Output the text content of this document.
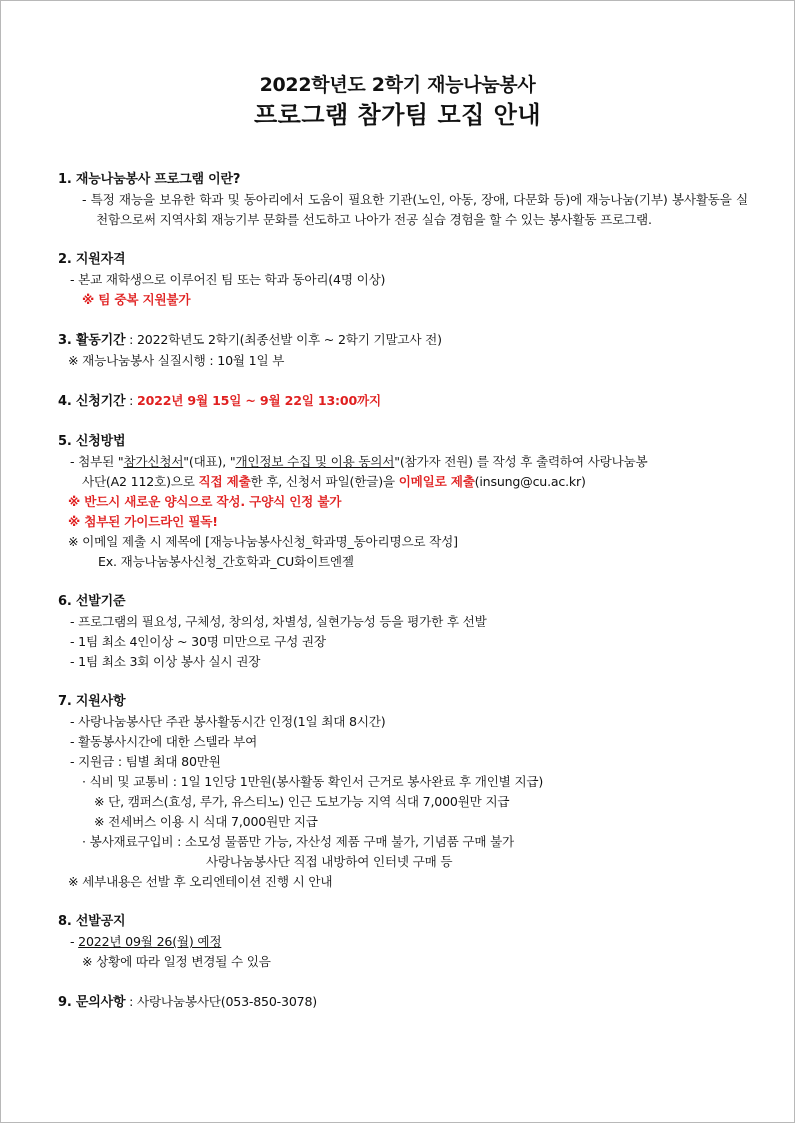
2022학년도 2학기 재능나눔봉사
프로그램 참가팀 모집 안내
1. 재능나눔봉사 프로그램 이란?
- 특정 재능을 보유한 학과 및 동아리에서 도움이 필요한 기관(노인, 아동, 장애, 다문화 등)에 재능나눔(기부) 봉사활동을 실천함으로써 지역사회 재능기부 문화를 선도하고 나아가 전공 실습 경험을 할 수 있는 봉사활동 프로그램.
2. 지원자격
- 본교 재학생으로 이루어진 팀 또는 학과 동아리(4명 이상)
※ 팀 중복 지원불가
3. 활동기간 : 2022학년도 2학기(최종선발 이후 ~ 2학기 기말고사 전)
※ 재능나눔봉사 실질시행 : 10월 1일 부
4. 신청기간 : 2022년 9월 15일 ~ 9월 22일 13:00까지
5. 신청방법
- 첨부된 "참가신청서"(대표), "개인정보 수집 및 이용 동의서"(참가자 전원) 를 작성 후 출력하여 사랑나눔봉
사단(A2 112호)으로 직접 제출한 후, 신청서 파일(한글)을 이메일로 제출(insung@cu.ac.kr)
※ 반드시 새로운 양식으로 작성. 구양식 인정 불가
※ 첨부된 가이드라인 필독!
※ 이메일 제출 시 제목에 [재능나눔봉사신청_학과명_동아리명으로 작성]
Ex. 재능나눔봉사신청_간호학과_CU화이트엔젤
6. 선발기준
- 프로그램의 필요성, 구체성, 창의성, 차별성, 실현가능성 등을 평가한 후 선발
- 1팀 최소 4인이상 ~ 30명 미만으로 구성 권장
- 1팀 최소 3회 이상 봉사 실시 권장
7. 지원사항
- 사랑나눔봉사단 주관 봉사활동시간 인정(1일 최대 8시간)
- 활동봉사시간에 대한 스텔라 부여
- 지원금 : 팀별 최대 80만원
· 식비 및 교통비 : 1일 1인당 1만원(봉사활동 확인서 근거로 봉사완료 후 개인별 지급)
※ 단, 캠퍼스(효성, 루가, 유스티노) 인근 도보가능 지역 식대 7,000원만 지급
※ 전세버스 이용 시 식대 7,000원만 지급
· 봉사재료구입비 : 소모성 물품만 가능, 자산성 제품 구매 불가, 기념품 구매 불가
사랑나눔봉사단 직접 내방하여 인터넷 구매 등
※ 세부내용은 선발 후 오리엔테이션 진행 시 안내
8. 선발공지
- 2022년 09월 26(월) 예정
※ 상황에 따라 일정 변경될 수 있음
9. 문의사항 : 사랑나눔봉사단(053-850-3078)
